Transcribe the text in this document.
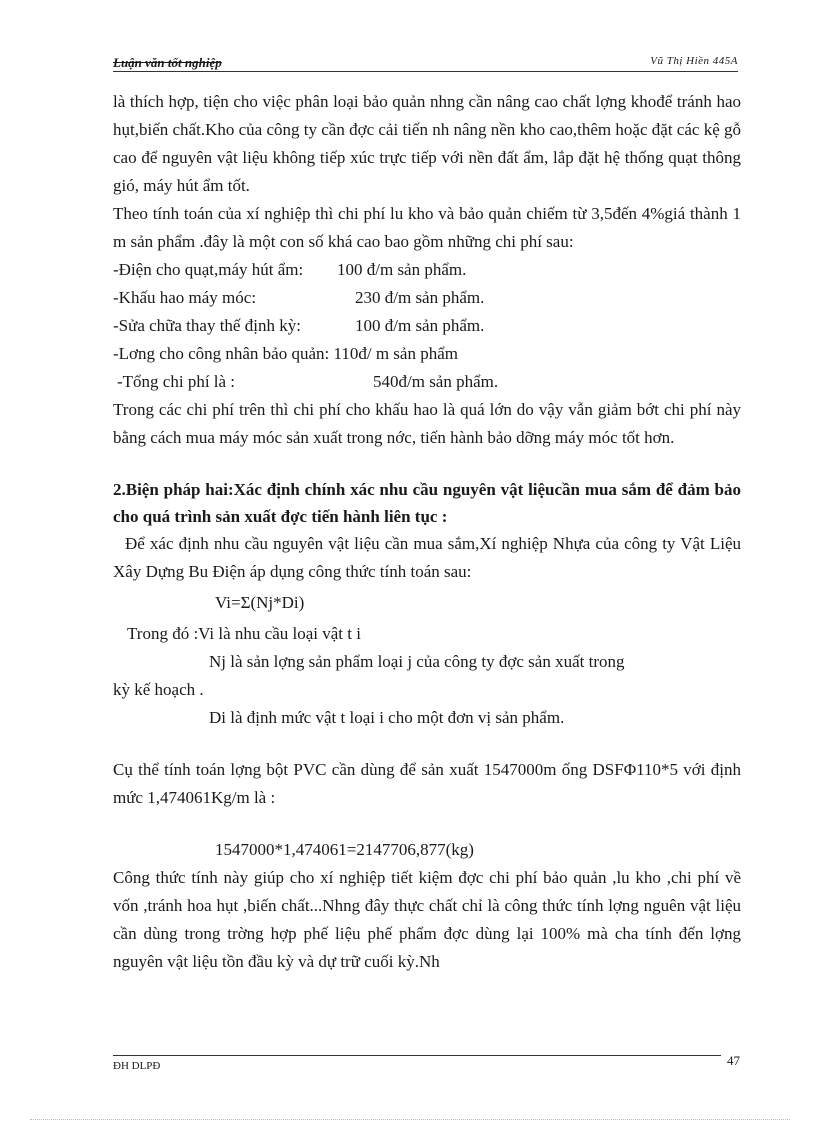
Luận văn tốt nghiệp	Vũ Thị Hiền 445A

là thích hợp, tiện cho việc phân loại bảo quản nhng cần nâng cao chất lợng khođể tránh hao hụt,biến chất.Kho của công ty cần đợc cải tiến nh nâng nền kho cao,thêm hoặc đặt các kệ gỗ cao để nguyên vật liệu không tiếp xúc trực tiếp với nền đất ẩm, lắp đặt hệ thống quạt thông gió, máy hút ẩm tốt.

Theo tính toán của xí nghiệp thì chi phí lu kho và bảo quản chiếm từ 3,5đến 4%giá thành 1 m sản phẩm .đây là một con số khá cao bao gồm những chi phí sau:

-Điện cho quạt,máy hút ẩm: 100 đ/m sản phẩm.

-Khấu hao máy móc:	230 đ/m sản phẩm.

-Sửa chữa thay thế định kỳ:	100 đ/m sản phẩm.

-Lơng cho công nhân bảo quản: 110đ/ m sản phẩm

-Tổng chi phí là :	540đ/m sản phẩm.

Trong các chi phí trên thì chi phí cho khấu hao là quá lớn do vậy vẫn giảm bớt chi phí này bằng cách mua máy móc sản xuất trong nớc, tiến hành bảo dỡng máy móc tốt hơn.

2.Biện pháp hai:Xác định chính xác nhu cầu nguyên vật liệucần mua sắm để đảm bảo cho quá trình sản xuất đợc tiến hành liên tục :

Để xác định nhu cầu nguyên vật liệu cần mua sắm,Xí nghiệp Nhựa của công ty Vật Liệu Xây Dựng Bu Điện áp dụng công thức tính toán sau:

Vi=Σ(Nj*Di)

Trong đó :Vi là nhu cầu loại vật t i

Nj là sản lợng sản phẩm loại j của công ty đợc sản xuất trong

kỳ kế hoạch .

Di là định mức vật t loại i cho một đơn vị sản phẩm.

Cụ thể tính toán lợng bột PVC cần dùng để sản xuất 1547000m ống DSFΦ110*5 với định mức 1,474061Kg/m là :

1547000*1,474061=2147706,877(kg)

Công thức tính này giúp cho xí nghiệp tiết kiệm đợc chi phí bảo quản ,lu kho ,chi phí về vốn ,tránh hoa hụt ,biến chất...Nhng đây thực chất chỉ là công thức tính lợng nguên vật liệu cần dùng trong trờng hợp phế liệu phế phẩm đợc dùng lại 100% mà cha tính đến lợng nguyên vật liệu tồn đầu kỳ và dự trữ cuối kỳ.Nh

ĐH DLPĐ	47
